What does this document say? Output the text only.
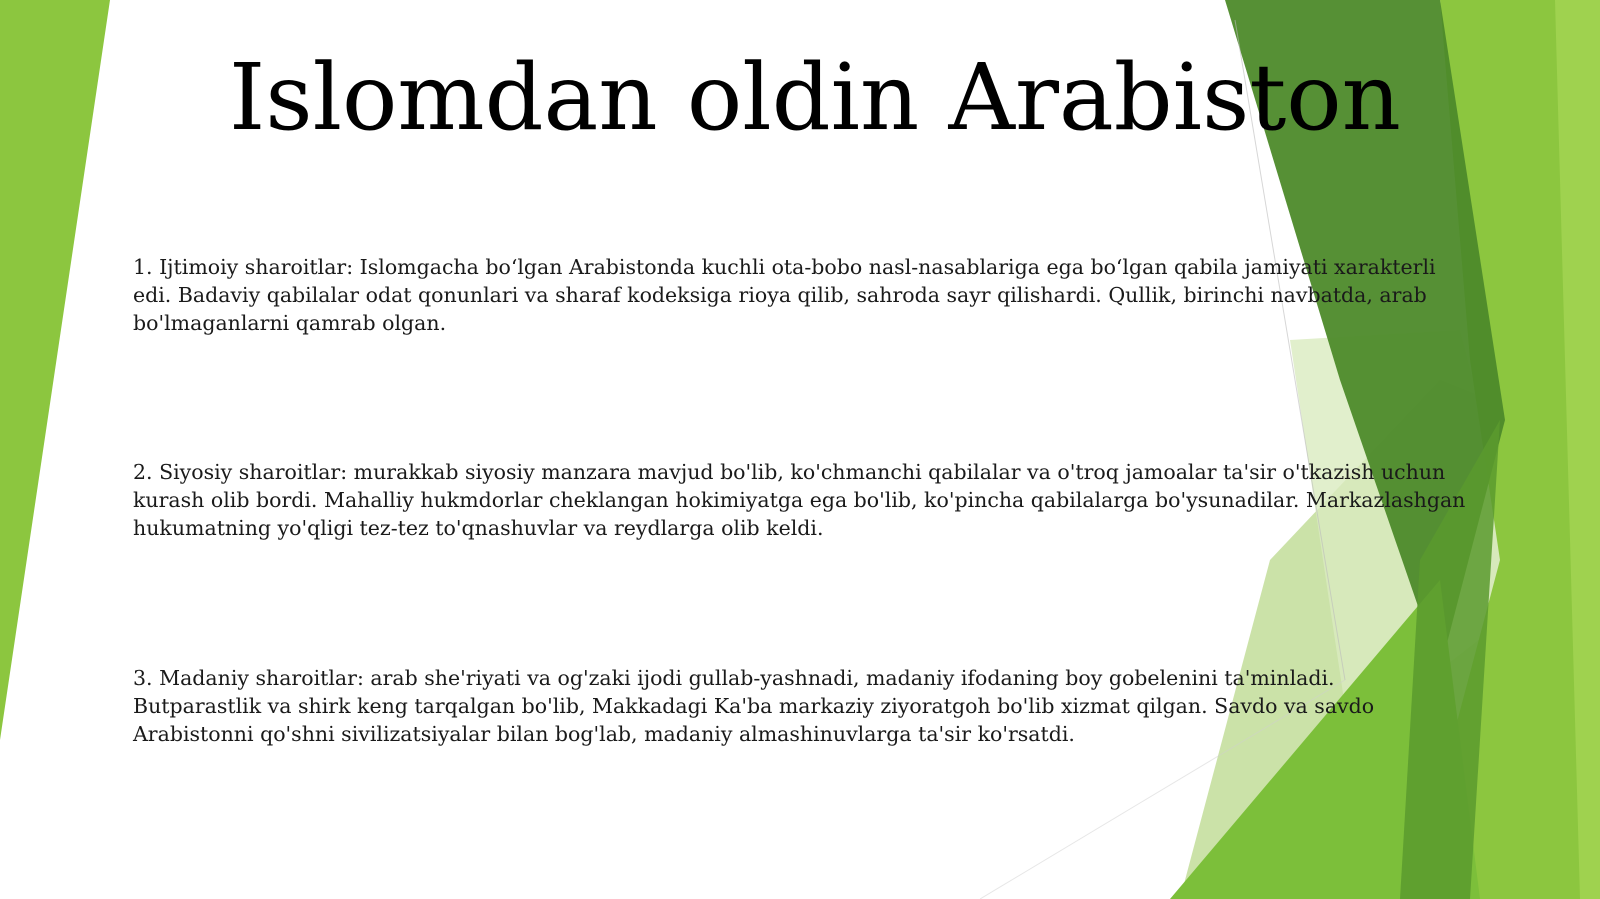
Islomdan oldin Arabiston

1. Ijtimoiy sharoitlar: Islomgacha boʻlgan Arabistonda kuchli ota-bobo nasl-nasablariga ega boʻlgan qabila jamiyati xarakterli edi. Badaviy qabilalar odat qonunlari va sharaf kodeksiga rioya qilib, sahroda sayr qilishardi. Qullik, birinchi navbatda, arab bo'lmaganlarni qamrab olgan.

2. Siyosiy sharoitlar: murakkab siyosiy manzara mavjud bo'lib, ko'chmanchi qabilalar va o'troq jamoalar ta'sir o'tkazish uchun kurash olib bordi. Mahalliy hukmdorlar cheklangan hokimiyatga ega bo'lib, ko'pincha qabilalarga bo'ysunadilar. Markazlashgan hukumatning yo'qligi tez-tez to'qnashuvlar va reydlarga olib keldi.

3. Madaniy sharoitlar: arab she'riyati va og'zaki ijodi gullab-yashnadi, madaniy ifodaning boy gobelenini ta'minladi. Butparastlik va shirk keng tarqalgan bo'lib, Makkadagi Ka'ba markaziy ziyoratgoh bo'lib xizmat qilgan. Savdo va savdo Arabistonni qo'shni sivilizatsiyalar bilan bog'lab, madaniy almashinuvlarga ta'sir ko'rsatdi.
